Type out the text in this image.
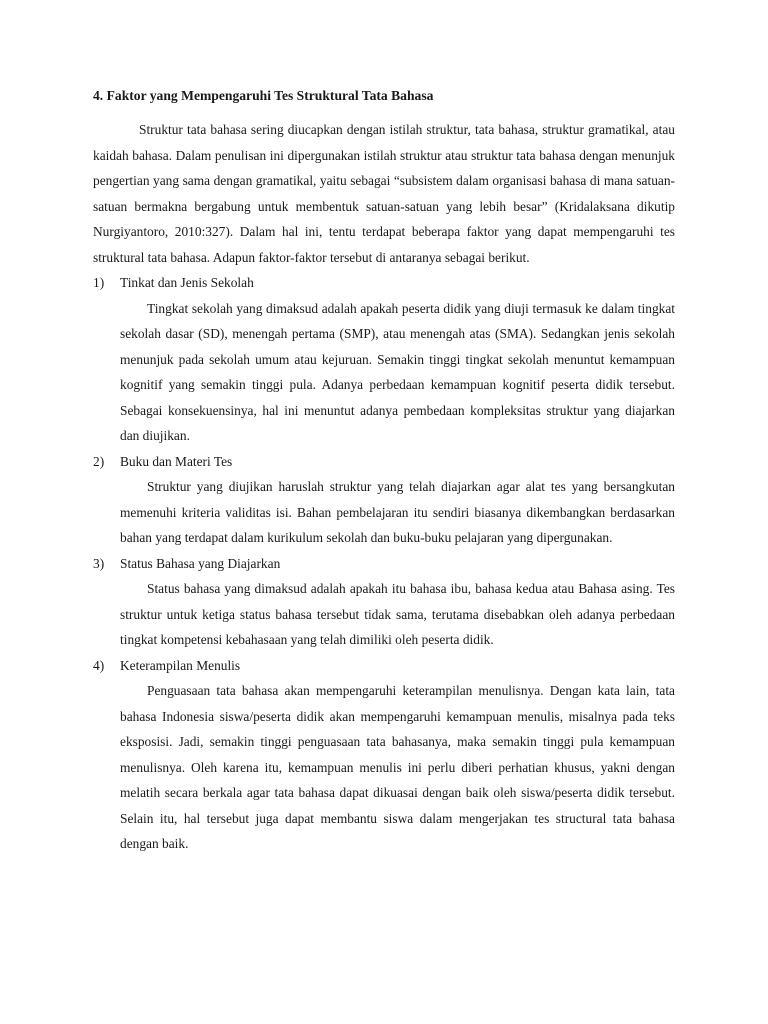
4. Faktor yang Mempengaruhi Tes Struktural Tata Bahasa

Struktur tata bahasa sering diucapkan dengan istilah struktur, tata bahasa, struktur gramatikal, atau kaidah bahasa. Dalam penulisan ini dipergunakan istilah struktur atau struktur tata bahasa dengan menunjuk pengertian yang sama dengan gramatikal, yaitu sebagai “subsistem dalam organisasi bahasa di mana satuan-satuan bermakna bergabung untuk membentuk satuan-satuan yang lebih besar” (Kridalaksana dikutip Nurgiyantoro, 2010:327). Dalam hal ini, tentu terdapat beberapa faktor yang dapat mempengaruhi tes struktural tata bahasa. Adapun faktor-faktor tersebut di antaranya sebagai berikut.

1)	Tinkat dan Jenis Sekolah

Tingkat sekolah yang dimaksud adalah apakah peserta didik yang diuji termasuk ke dalam tingkat sekolah dasar (SD), menengah pertama (SMP), atau menengah atas (SMA). Sedangkan jenis sekolah menunjuk pada sekolah umum atau kejuruan. Semakin tinggi tingkat sekolah menuntut kemampuan kognitif yang semakin tinggi pula. Adanya perbedaan kemampuan kognitif peserta didik tersebut. Sebagai konsekuensinya, hal ini menuntut adanya pembedaan kompleksitas struktur yang diajarkan dan diujikan.

2)	Buku dan Materi Tes

Struktur yang diujikan haruslah struktur yang telah diajarkan agar alat tes yang bersangkutan memenuhi kriteria validitas isi. Bahan pembelajaran itu sendiri biasanya dikembangkan berdasarkan bahan yang terdapat dalam kurikulum sekolah dan buku-buku pelajaran yang dipergunakan.

3)	Status Bahasa yang Diajarkan

Status bahasa yang dimaksud adalah apakah itu bahasa ibu, bahasa kedua atau Bahasa asing. Tes struktur untuk ketiga status bahasa tersebut tidak sama, terutama disebabkan oleh adanya perbedaan tingkat kompetensi kebahasaan yang telah dimiliki oleh peserta didik.

4)	Keterampilan Menulis

Penguasaan tata bahasa akan mempengaruhi keterampilan menulisnya. Dengan kata lain, tata bahasa Indonesia siswa/peserta didik akan mempengaruhi kemampuan menulis, misalnya pada teks eksposisi. Jadi, semakin tinggi penguasaan tata bahasanya, maka semakin tinggi pula kemampuan menulisnya. Oleh karena itu, kemampuan menulis ini perlu diberi perhatian khusus, yakni dengan melatih secara berkala agar tata bahasa dapat dikuasai dengan baik oleh siswa/peserta didik tersebut. Selain itu, hal tersebut juga dapat membantu siswa dalam mengerjakan tes structural tata bahasa dengan baik.
